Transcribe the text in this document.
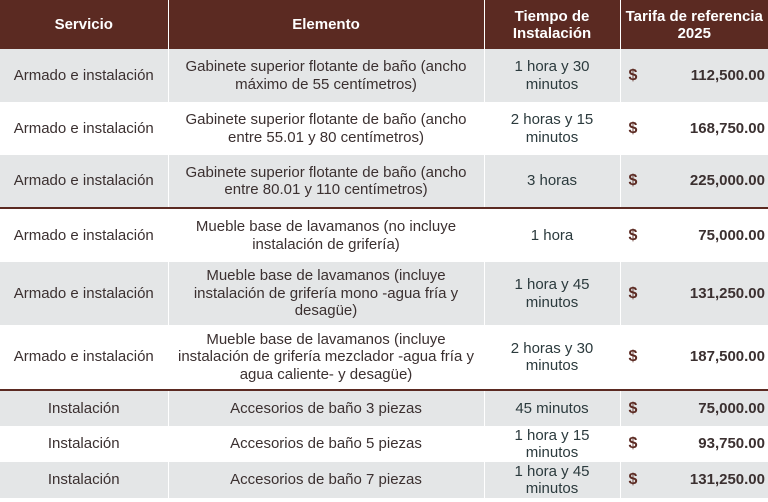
Servicio	Elemento	Tiempo de Instalación	Tarifa de referencia 2025
Armado e instalación	Gabinete superior flotante de baño (ancho máximo de 55 centímetros)	1 hora y 30 minutos	$ 112,500.00

Armado e instalación	Gabinete superior flotante de baño (ancho entre 55.01 y 80 centímetros)	2 horas y 15 minutos	$ 168,750.00

Armado e instalación	Gabinete superior flotante de baño (ancho entre 80.01 y 110 centímetros)	3 horas	$ 225,000.00

Armado e instalación	Mueble base de lavamanos (no incluye instalación de grifería)	1 hora	$ 75,000.00

Armado e instalación	Mueble base de lavamanos (incluye instalación de grifería mono -agua fría y desagüe)	1 hora y 45 minutos	$ 131,250.00

Armado e instalación	Mueble base de lavamanos (incluye instalación de grifería mezclador -agua fría y agua caliente- y desagüe)	2 horas y 30 minutos	$ 187,500.00

Instalación	Accesorios de baño 3 piezas	45 minutos	$ 75,000.00

Instalación	Accesorios de baño 5 piezas	1 hora y 15 minutos	$ 93,750.00

Instalación	Accesorios de baño 7 piezas	1 hora y 45 minutos	$ 131,250.00
